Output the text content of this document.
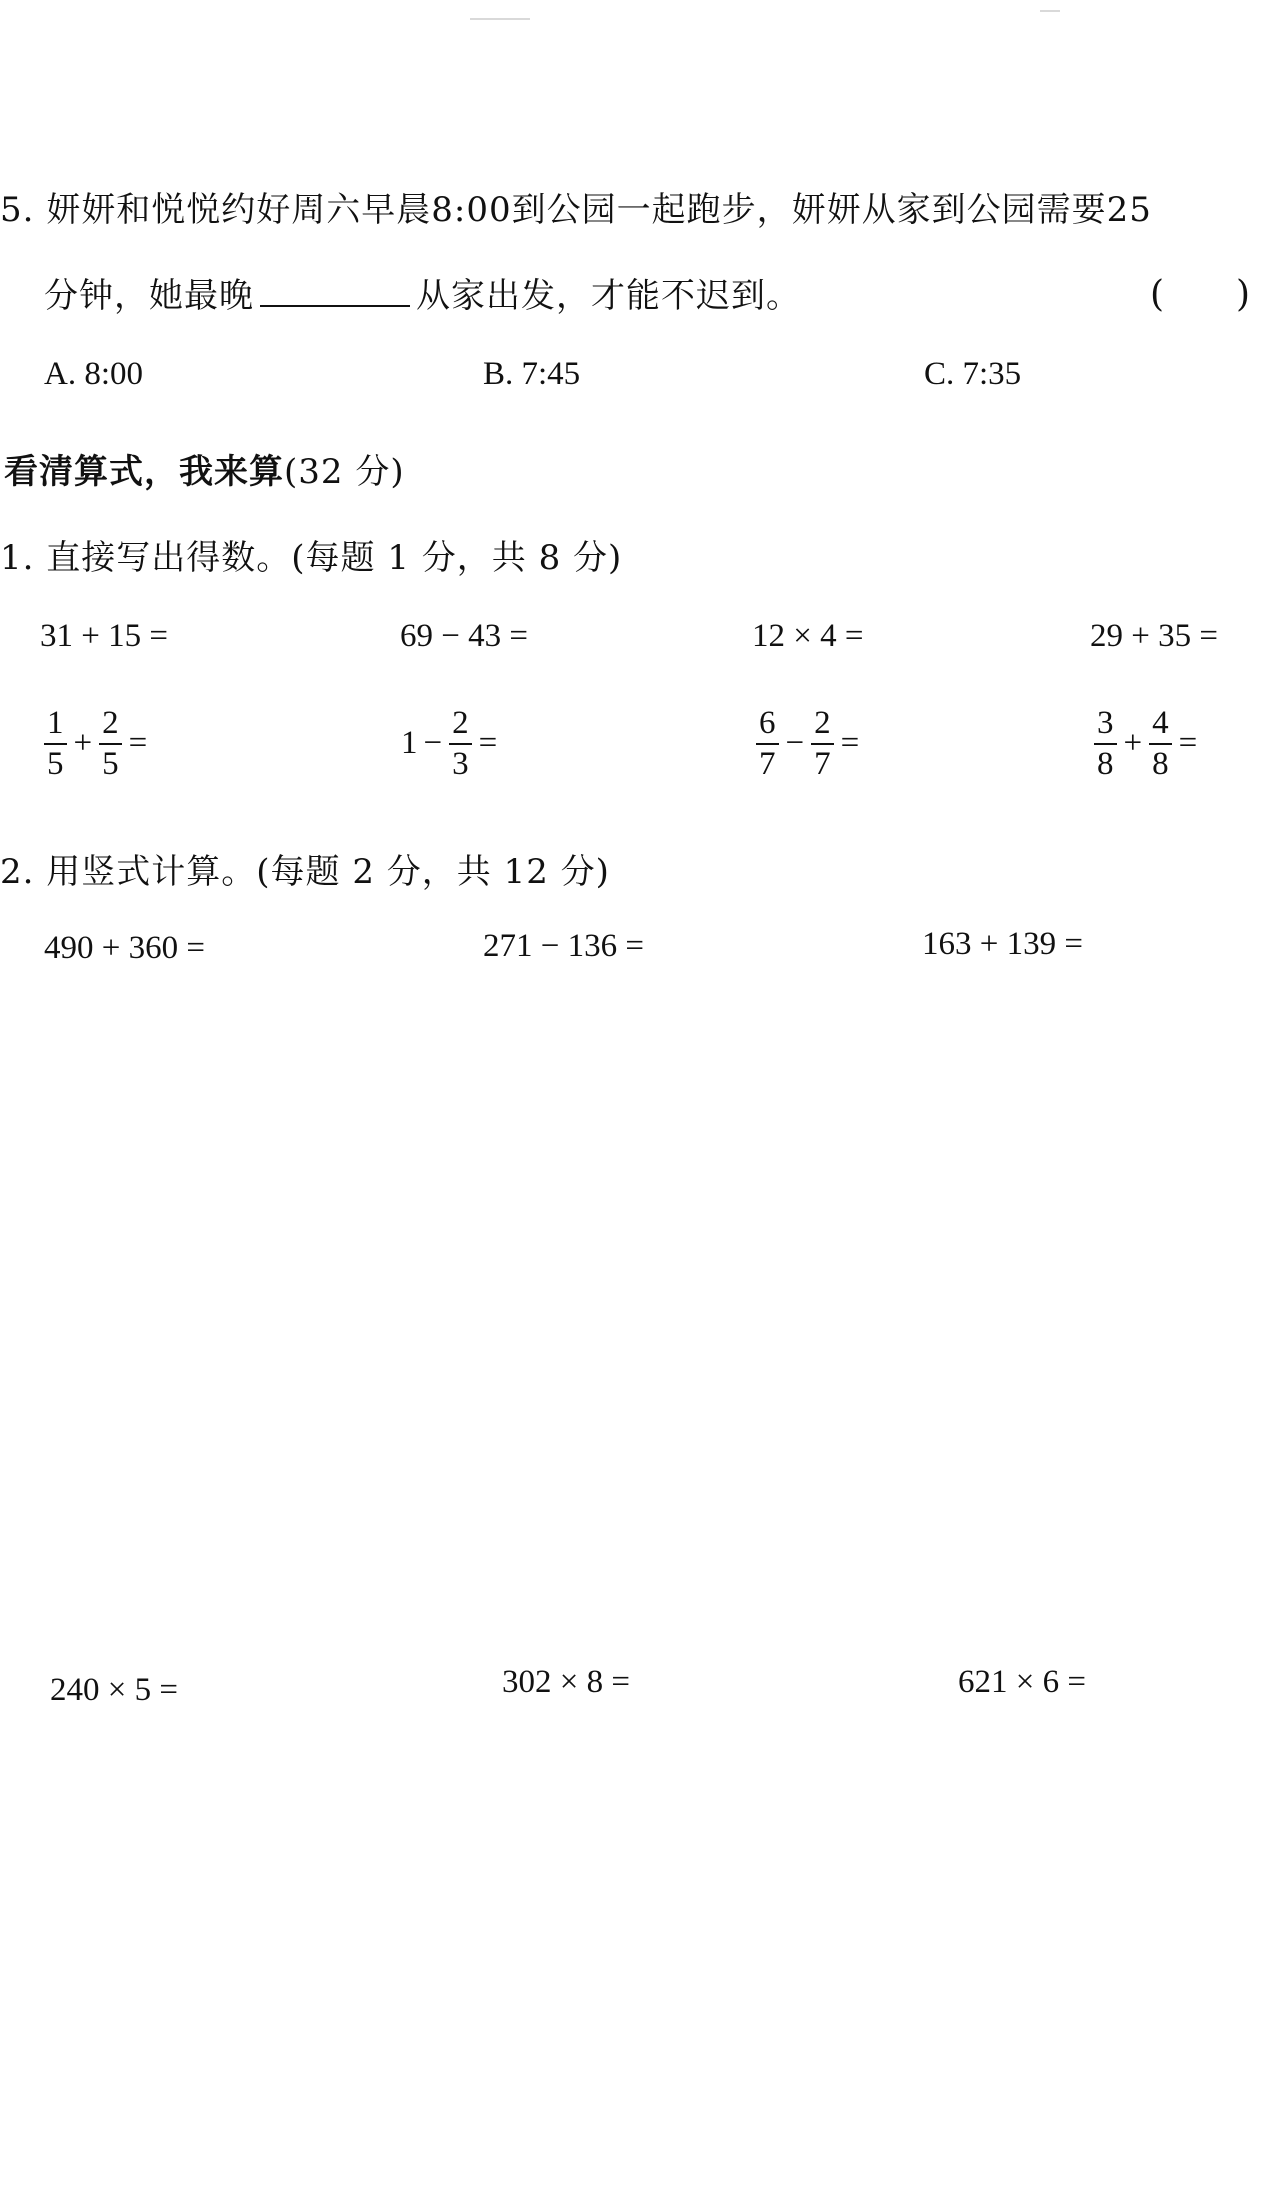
5. 妍妍和悦悦约好周六早晨8:00到公园一起跑步，妍妍从家到公园需要25
分钟，她最晚	从家出发，才能不迟到。	(　　)
A. 8:00	B. 7:45	C. 7:35
看清算式，我来算(32 分)
1. 直接写出得数。(每题 1 分，共 8 分)
31 + 15 =	69 − 43 =	12 × 4 =	29 + 35 =
$\frac{1}{5} + \frac{2}{5}$ =	$1 - \frac{2}{3}$ =	$\frac{6}{7} - \frac{2}{7}$ =	$\frac{3}{8} + \frac{4}{8}$ =
2. 用竖式计算。(每题 2 分，共 12 分)
490 + 360 =	271 − 136 =	163 + 139 =
240 × 5 =	302 × 8 =	621 × 6 =
